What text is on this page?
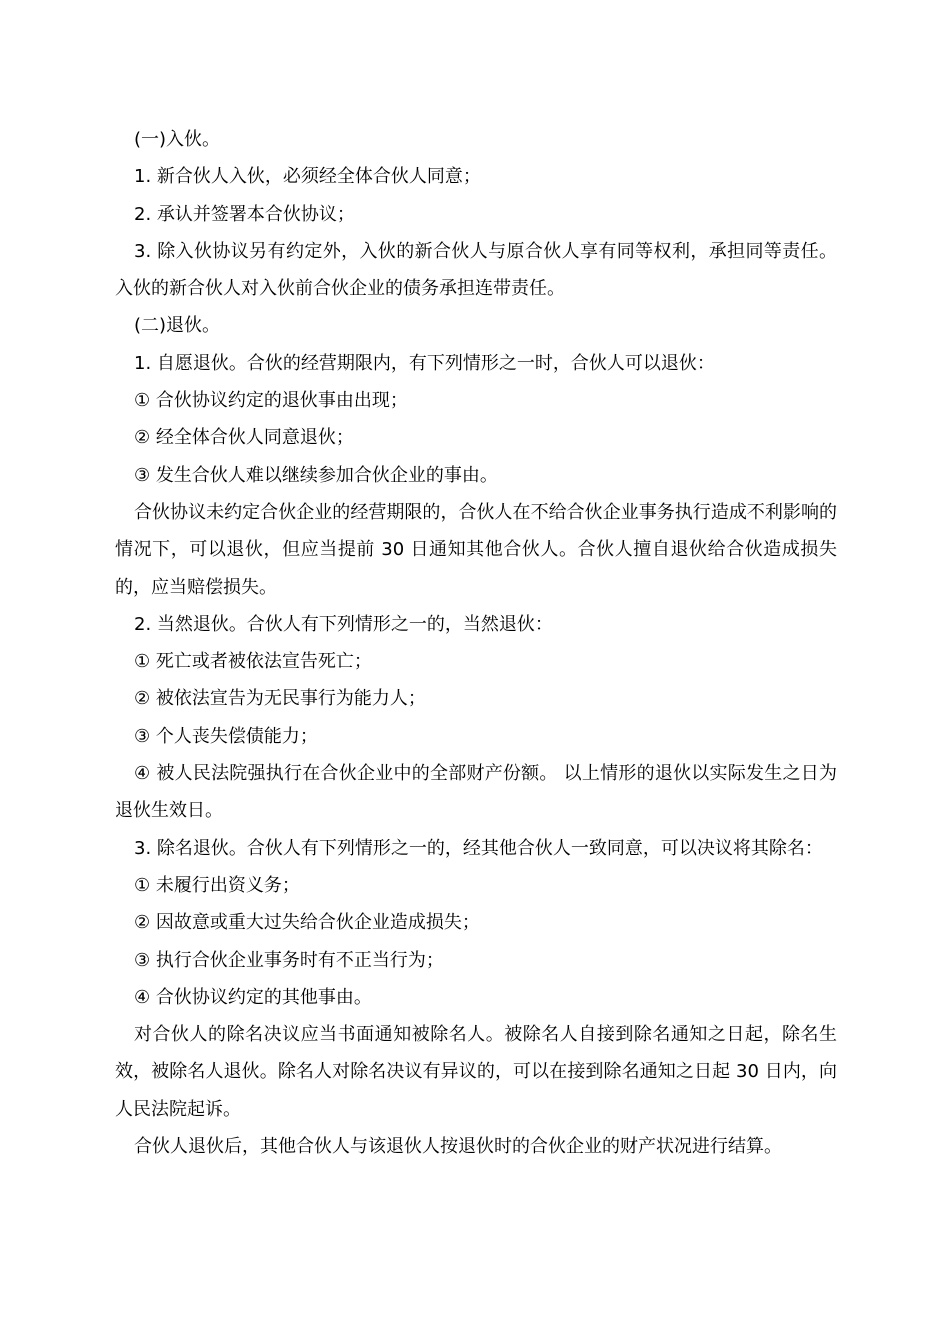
(一)入伙。

1. 新合伙人入伙，必须经全体合伙人同意；

2. 承认并签署本合伙协议；

3. 除入伙协议另有约定外，入伙的新合伙人与原合伙人享有同等权利，承担同等责任。入伙的新合伙人对入伙前合伙企业的债务承担连带责任。

(二)退伙。

1. 自愿退伙。合伙的经营期限内，有下列情形之一时，合伙人可以退伙：

① 合伙协议约定的退伙事由出现；

② 经全体合伙人同意退伙；

③ 发生合伙人难以继续参加合伙企业的事由。

合伙协议未约定合伙企业的经营期限的，合伙人在不给合伙企业事务执行造成不利影响的情况下，可以退伙，但应当提前 30 日通知其他合伙人。合伙人擅自退伙给合伙造成损失的，应当赔偿损失。

2. 当然退伙。合伙人有下列情形之一的，当然退伙：

① 死亡或者被依法宣告死亡；

② 被依法宣告为无民事行为能力人；

③ 个人丧失偿债能力；

④ 被人民法院强执行在合伙企业中的全部财产份额。 以上情形的退伙以实际发生之日为退伙生效日。

3. 除名退伙。合伙人有下列情形之一的，经其他合伙人一致同意，可以决议将其除名：

① 未履行出资义务；

② 因故意或重大过失给合伙企业造成损失；

③ 执行合伙企业事务时有不正当行为；

④ 合伙协议约定的其他事由。

对合伙人的除名决议应当书面通知被除名人。被除名人自接到除名通知之日起，除名生效，被除名人退伙。除名人对除名决议有异议的，可以在接到除名通知之日起 30 日内，向人民法院起诉。

合伙人退伙后，其他合伙人与该退伙人按退伙时的合伙企业的财产状况进行结算。
